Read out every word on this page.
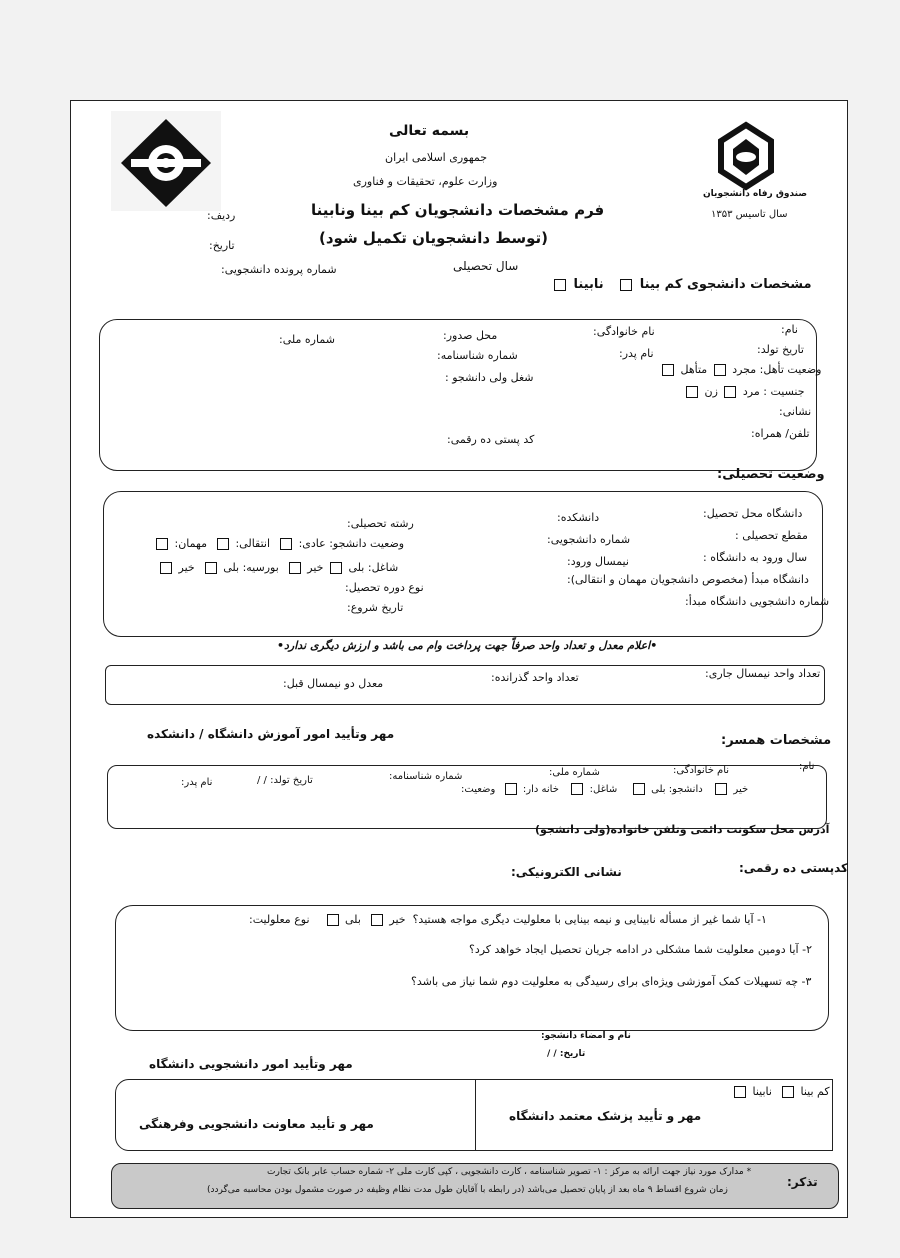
صندوق رفاه دانشجویان
سال تاسیس ۱۳۵۳
بسمه تعالی
جمهوری اسلامی ایران
وزارت علوم، تحقیقات و فناوری
فرم مشخصات دانشجویان کم بینا ونابینا
(توسط دانشجویان تکمیل شود)
ردیف:
تاریخ:
شماره پرونده دانشجویی:	سال تحصیلی
مشخصات دانشجوی کم بینا    نابینا
نام:
نام خانوادگی:
محل صدور:
شماره ملی:
تاریخ تولد:
نام پدر:
شماره شناسنامه:
وضعیت تأهل: مجرد  متأهل
شغل ولی دانشجو :
جنسیت : مرد  زن
نشانی:
تلفن/ همراه:
کد پستی ده رقمی:
وضعیت تحصیلی:
دانشگاه محل تحصیل:
دانشکده:
رشته تحصیلی:
مقطع تحصیلی :
شماره دانشجویی:
وضعیت دانشجو: عادی:   انتقالی:   مهمان:
سال ورود به دانشگاه :
نیمسال ورود:
شاغل: بلی  خیر   بورسیه: بلی   خیر
دانشگاه مبدأ (مخصوص دانشجویان مهمان و انتقالی):
نوع دوره تحصیل:
شماره دانشجویی دانشگاه مبدأ:
تاریخ شروع:
•اعلام معدل و تعداد واحد صرفاً جهت پرداخت وام می باشد و ارزش دیگری ندارد•
تعداد واحد نیمسال جاری:
تعداد واحد گذرانده:
معدل دو نیمسال قبل:
مهر وتأیید امور آموزش دانشگاه / دانشکده	مشخصات همسر:
نام:
نام خانوادگی:
شماره ملی:
شماره شناسنامه:
تاریخ تولد: / /
نام پدر:
خیر    دانشجو: بلی     شاغل:    خانه دار:   وضعیت:
آدرس محل سکونت دائمی وتلفن خانواده(ولی دانشجو)
کدپستی ده رقمی:
نشانی الکترونیکی:
۱- آیا شما غیر از مسأله نابینایی و نیمه بینایی با معلولیت دیگری مواجه هستید؟  خیر   بلی     نوع معلولیت:
۲- آیا دومین معلولیت شما مشکلی در ادامه جریان تحصیل ایجاد خواهد کرد؟
۳- چه تسهیلات کمک آموزشی ویژه‌ای برای رسیدگی به معلولیت دوم شما نیاز می باشد؟
نام و امضاء دانشجو:
تاریخ: / /
مهر وتأیید امور دانشجویی دانشگاه
کم بینا   نابینا
مهر و تأیید پزشک معتمد دانشگاه
مهر و تأیید معاونت دانشجویی وفرهنگی
تذکر:
* مدارک مورد نیاز جهت ارائه به مرکز : ۱- تصویر شناسنامه ، کارت دانشجویی ، کپی کارت ملی ۲- شماره حساب عابر بانک تجارت
زمان شروع اقساط ۹ ماه بعد از پایان تحصیل می‌باشد (در رابطه با آقایان طول مدت نظام وظیفه در صورت مشمول بودن محاسبه می‌گردد)
